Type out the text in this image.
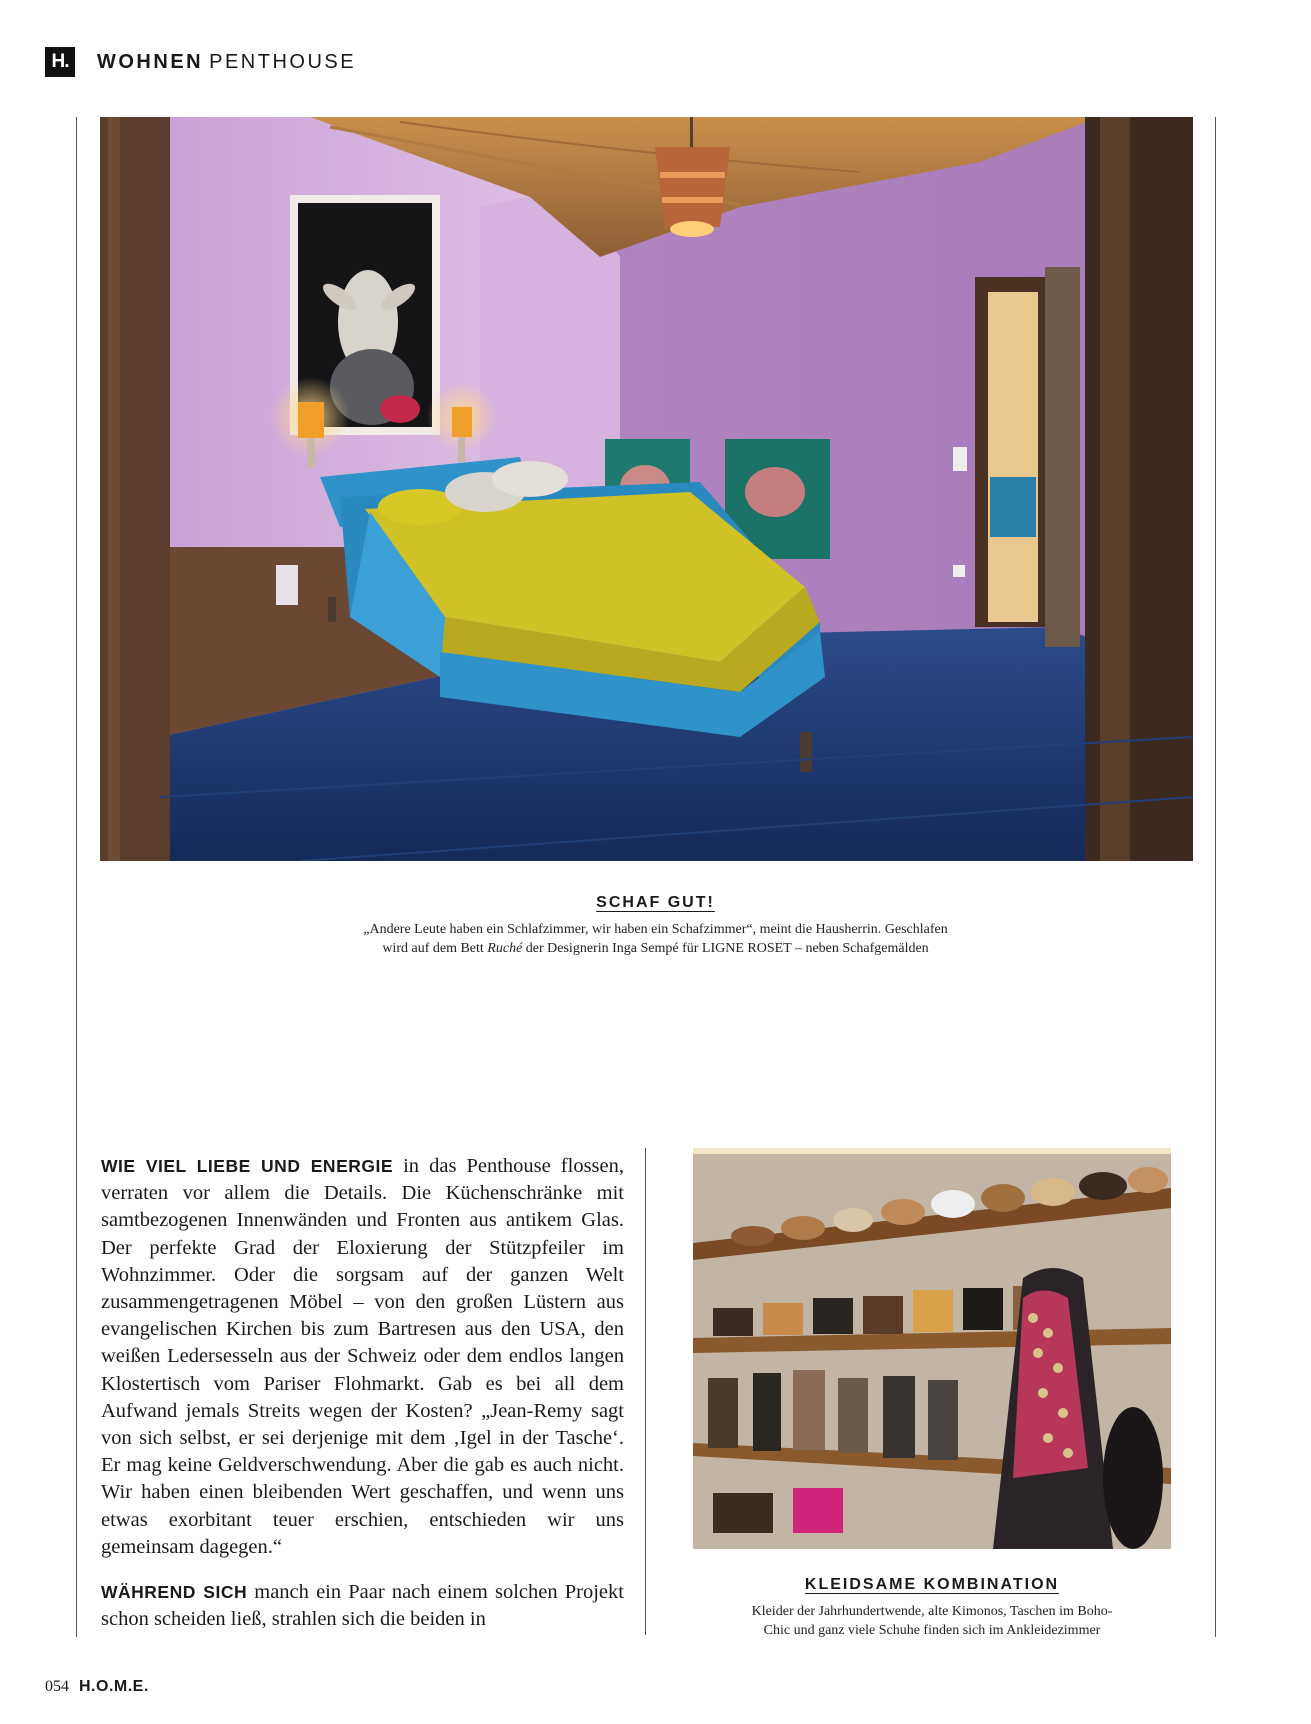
H.	WOHNEN PENTHOUSE
SCHAF GUT!
„Andere Leute haben ein Schlafzimmer, wir haben ein Schafzimmer“, meint die Hausherrin. Geschlafen
wird auf dem Bett Ruché der Designerin Inga Sempé für LIGNE ROSET – neben Schafgemälden

WIE VIEL LIEBE UND ENERGIE in das Penthouse flossen, verraten vor allem die Details. Die Küchenschränke mit samtbezogenen Innenwänden und Fronten aus antikem Glas. Der perfekte Grad der Eloxierung der Stützpfeiler im Wohnzimmer. Oder die sorgsam auf der ganzen Welt zusammengetragenen Möbel – von den großen Lüstern aus evangelischen Kirchen bis zum Bartresen aus den USA, den weißen Ledersesseln aus der Schweiz oder dem endlos langen Klostertisch vom Pariser Flohmarkt. Gab es bei all dem Aufwand jemals Streits wegen der Kosten? „Jean-Remy sagt von sich selbst, er sei derjenige mit dem ‚Igel in der Tasche‘. Er mag keine Geldverschwendung. Aber die gab es auch nicht. Wir haben einen bleibenden Wert geschaffen, und wenn uns etwas exorbitant teuer erschien, entschieden wir uns gemeinsam dagegen.“

WÄHREND SICH manch ein Paar nach einem solchen Projekt schon scheiden ließ, strahlen sich die beiden in

KLEIDSAME KOMBINATION
Kleider der Jahrhundertwende, alte Kimonos, Taschen im Boho-
Chic und ganz viele Schuhe finden sich im Ankleidezimmer
054 H.O.M.E.
